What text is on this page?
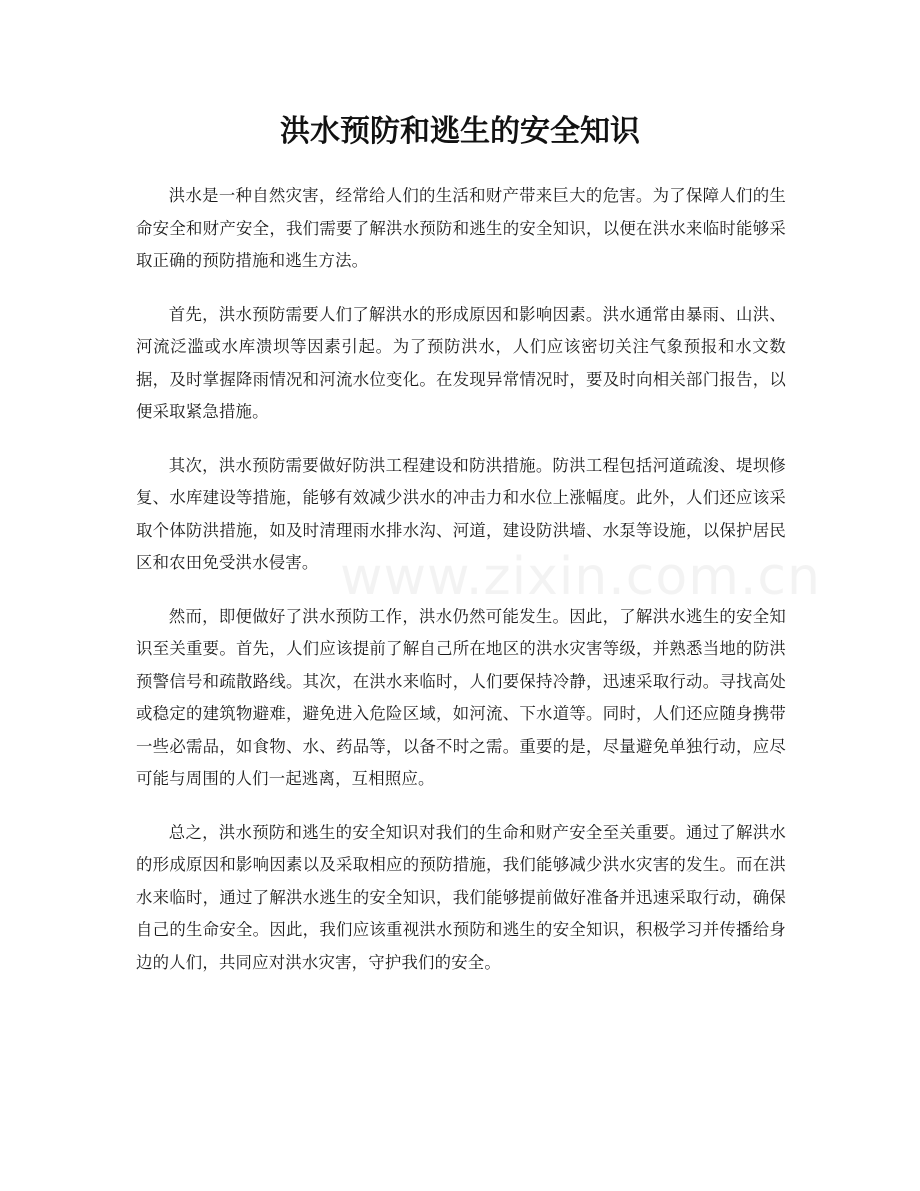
洪水预防和逃生的安全知识

洪水是一种自然灾害，经常给人们的生活和财产带来巨大的危害。为了保障人们的生命安全和财产安全，我们需要了解洪水预防和逃生的安全知识，以便在洪水来临时能够采取正确的预防措施和逃生方法。

首先，洪水预防需要人们了解洪水的形成原因和影响因素。洪水通常由暴雨、山洪、河流泛滥或水库溃坝等因素引起。为了预防洪水，人们应该密切关注气象预报和水文数据，及时掌握降雨情况和河流水位变化。在发现异常情况时，要及时向相关部门报告，以便采取紧急措施。

其次，洪水预防需要做好防洪工程建设和防洪措施。防洪工程包括河道疏浚、堤坝修复、水库建设等措施，能够有效减少洪水的冲击力和水位上涨幅度。此外，人们还应该采取个体防洪措施，如及时清理雨水排水沟、河道，建设防洪墙、水泵等设施，以保护居民区和农田免受洪水侵害。

然而，即便做好了洪水预防工作，洪水仍然可能发生。因此，了解洪水逃生的安全知识至关重要。首先，人们应该提前了解自己所在地区的洪水灾害等级，并熟悉当地的防洪预警信号和疏散路线。其次，在洪水来临时，人们要保持冷静，迅速采取行动。寻找高处或稳定的建筑物避难，避免进入危险区域，如河流、下水道等。同时，人们还应随身携带一些必需品，如食物、水、药品等，以备不时之需。重要的是，尽量避免单独行动，应尽可能与周围的人们一起逃离，互相照应。

总之，洪水预防和逃生的安全知识对我们的生命和财产安全至关重要。通过了解洪水的形成原因和影响因素以及采取相应的预防措施，我们能够减少洪水灾害的发生。而在洪水来临时，通过了解洪水逃生的安全知识，我们能够提前做好准备并迅速采取行动，确保自己的生命安全。因此，我们应该重视洪水预防和逃生的安全知识，积极学习并传播给身边的人们，共同应对洪水灾害，守护我们的安全。

www.zixin.com.cn
